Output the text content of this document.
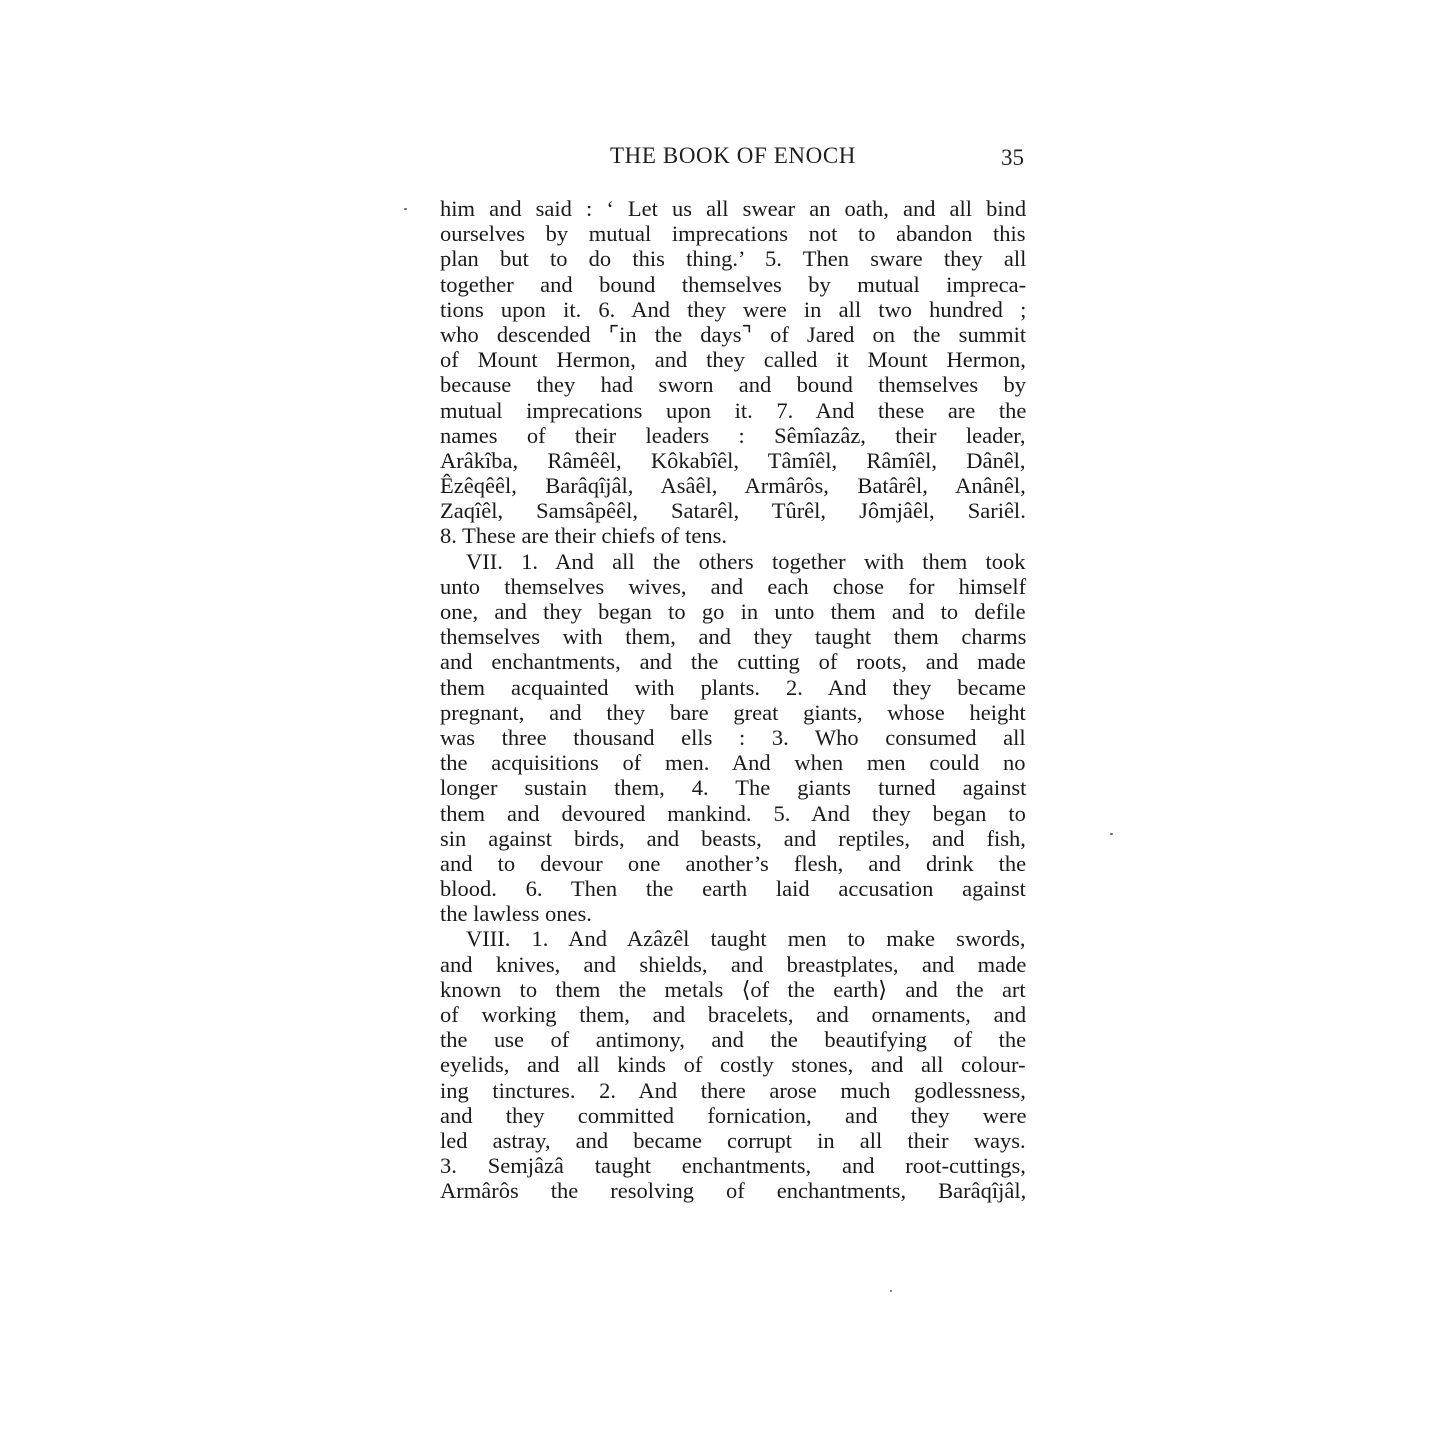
THE BOOK OF ENOCH	35
him and said : ‘ Let us all swear an oath, and all bind
ourselves by mutual imprecations not to abandon this
plan but to do this thing.’ 5. Then sware they all
together and bound themselves by mutual impreca-
tions upon it. 6. And they were in all two hundred ;
who descended ⌜in the days⌝ of Jared on the summit
of Mount Hermon, and they called it Mount Hermon,
because they had sworn and bound themselves by
mutual imprecations upon it. 7. And these are the
names of their leaders : Sêmîazâz, their leader,
Arâkîba, Râmêêl, Kôkabîêl, Tâmîêl, Râmîêl, Dânêl,
Êzêqêêl, Barâqîjâl, Asâêl, Armârôs, Batârêl, Anânêl,
Zaqîêl, Samsâpêêl, Satarêl, Tûrêl, Jômjâêl, Sariêl.
8. These are their chiefs of tens.
VII. 1. And all the others together with them took
unto themselves wives, and each chose for himself
one, and they began to go in unto them and to defile
themselves with them, and they taught them charms
and enchantments, and the cutting of roots, and made
them acquainted with plants. 2. And they became
pregnant, and they bare great giants, whose height
was three thousand ells : 3. Who consumed all
the acquisitions of men. And when men could no
longer sustain them, 4. The giants turned against
them and devoured mankind. 5. And they began to
sin against birds, and beasts, and reptiles, and fish,
and to devour one another’s flesh, and drink the
blood. 6. Then the earth laid accusation against
the lawless ones.
VIII. 1. And Azâzêl taught men to make swords,
and knives, and shields, and breastplates, and made
known to them the metals ⟨of the earth⟩ and the art
of working them, and bracelets, and ornaments, and
the use of antimony, and the beautifying of the
eyelids, and all kinds of costly stones, and all colour-
ing tinctures. 2. And there arose much godlessness,
and they committed fornication, and they were
led astray, and became corrupt in all their ways.
3. Semjâzâ taught enchantments, and root-cuttings,
Armârôs the resolving of enchantments, Barâqîjâl,
